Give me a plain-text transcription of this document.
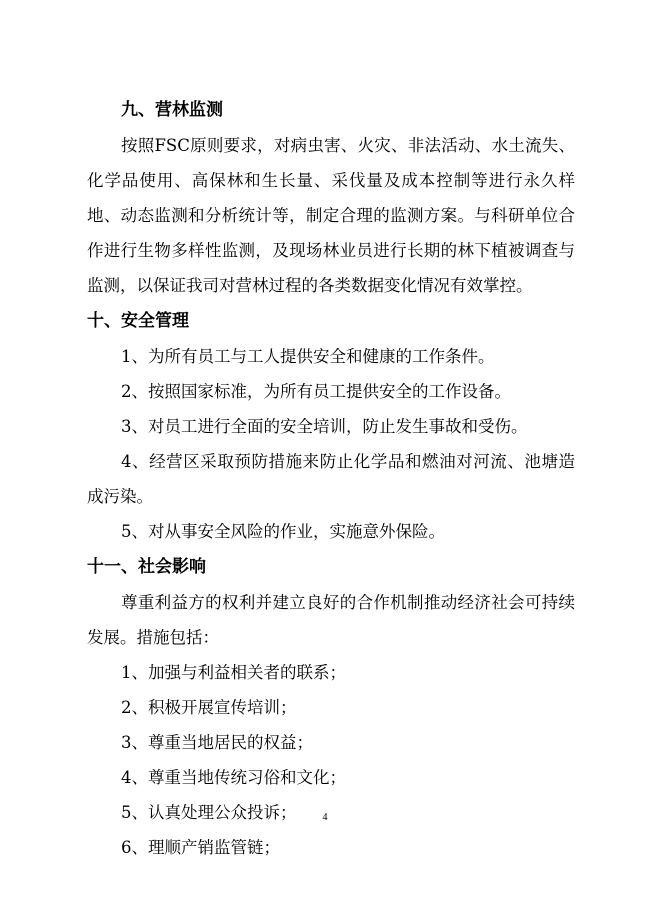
九、营林监测

按照FSC原则要求，对病虫害、火灾、非法活动、水土流失、化学品使用、高保林和生长量、采伐量及成本控制等进行永久样地、动态监测和分析统计等，制定合理的监测方案。与科研单位合作进行生物多样性监测，及现场林业员进行长期的林下植被调查与监测，以保证我司对营林过程的各类数据变化情况有效掌控。

十、安全管理

1、为所有员工与工人提供安全和健康的工作条件。

2、按照国家标准，为所有员工提供安全的工作设备。

3、对员工进行全面的安全培训，防止发生事故和受伤。

4、经营区采取预防措施来防止化学品和燃油对河流、池塘造成污染。

5、对从事安全风险的作业，实施意外保险。

十一、社会影响

尊重利益方的权利并建立良好的合作机制推动经济社会可持续发展。措施包括：

1、加强与利益相关者的联系；

2、积极开展宣传培训；

3、尊重当地居民的权益；

4、尊重当地传统习俗和文化；

5、认真处理公众投诉；

6、理顺产销监管链；

4
